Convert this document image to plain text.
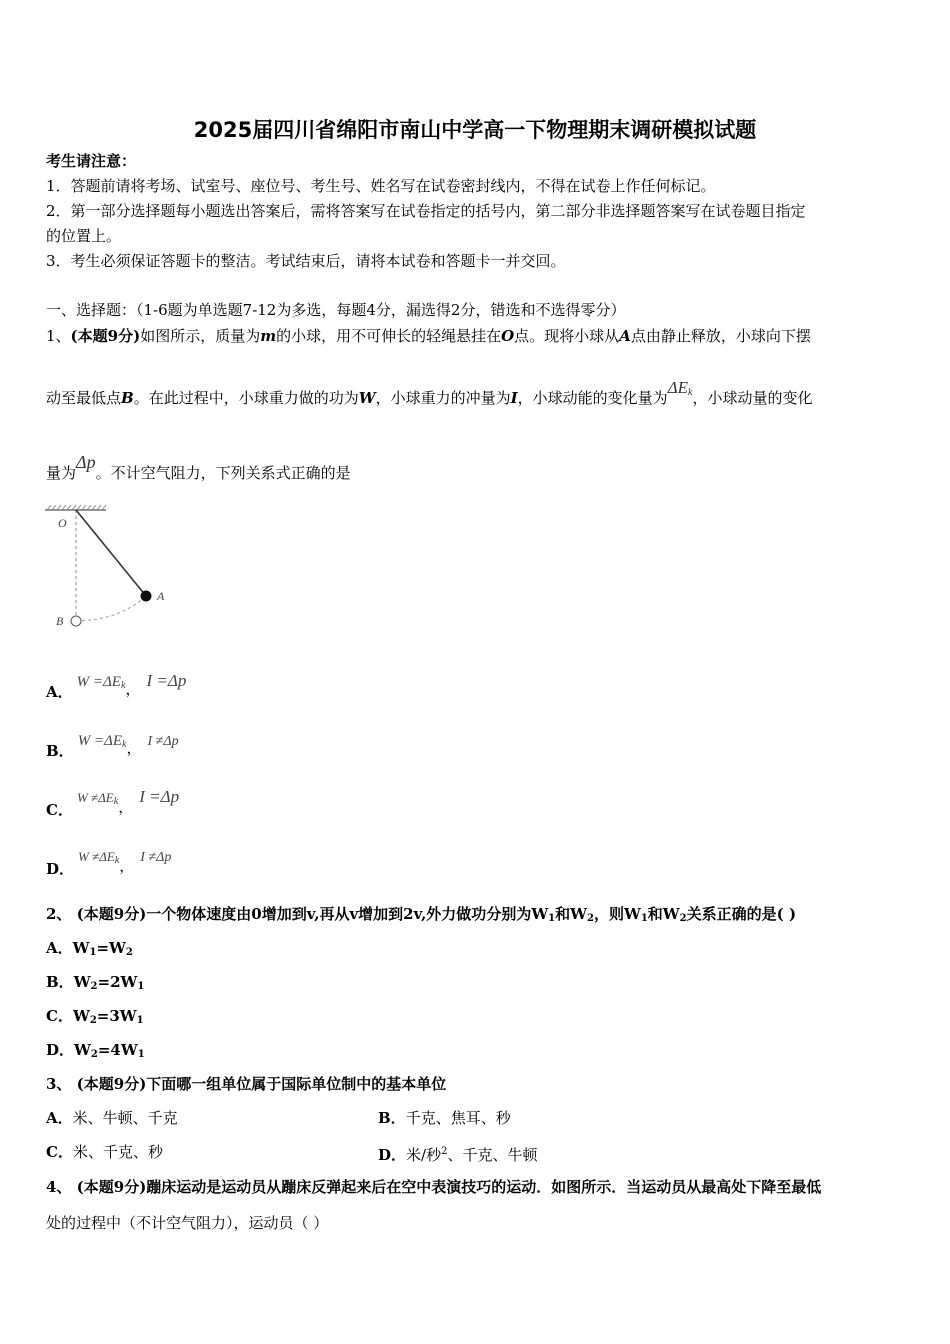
2025届四川省绵阳市南山中学高一下物理期末调研模拟试题
考生请注意：
1．答题前请将考场、试室号、座位号、考生号、姓名写在试卷密封线内，不得在试卷上作任何标记。
2．第一部分选择题每小题选出答案后，需将答案写在试卷指定的括号内，第二部分非选择题答案写在试卷题目指定
的位置上。
3．考生必须保证答题卡的整洁。考试结束后，请将本试卷和答题卡一并交回。
一、选择题：（1-6题为单选题7-12为多选，每题4分，漏选得2分，错选和不选得零分）
1、(本题9分)如图所示，质量为m的小球，用不可伸长的轻绳悬挂在O点。现将小球从A点由静止释放，小球向下摆
动至最低点B。在此过程中，小球重力做的功为W，小球重力的冲量为I，小球动能的变化量为$\Delta E_k$，小球动量的变化
量为Δp。不计空气阻力，下列关系式正确的是
O
A
B
A．$W =\Delta E_k$， I =Δp
B．$W =\Delta E_k$， I ≠Δp
C．$W \ne\Delta E_k$，I =Δp
D．$W \ne\Delta E_k$， I ≠Δp
2、 (本题9分)一个物体速度由0增加到v,再从v增加到2v,外力做功分别为$W_1$和$W_2$，则$W_1$和$W_2$关系正确的是( )
A．$W_1=W_2$
B．$W_2=2W_1$
C．$W_2=3W_1$
D．$W_2=4W_1$
3、 (本题9分)下面哪一组单位属于国际单位制中的基本单位
A．米、牛顿、千克	B．千克、焦耳、秒
C．米、千克、秒	D．米/秒$^2$、千克、牛顿
4、 (本题9分)蹦床运动是运动员从蹦床反弹起来后在空中表演技巧的运动．如图所示．当运动员从最高处下降至最低
处的过程中（不计空气阻力），运动员（ ）
